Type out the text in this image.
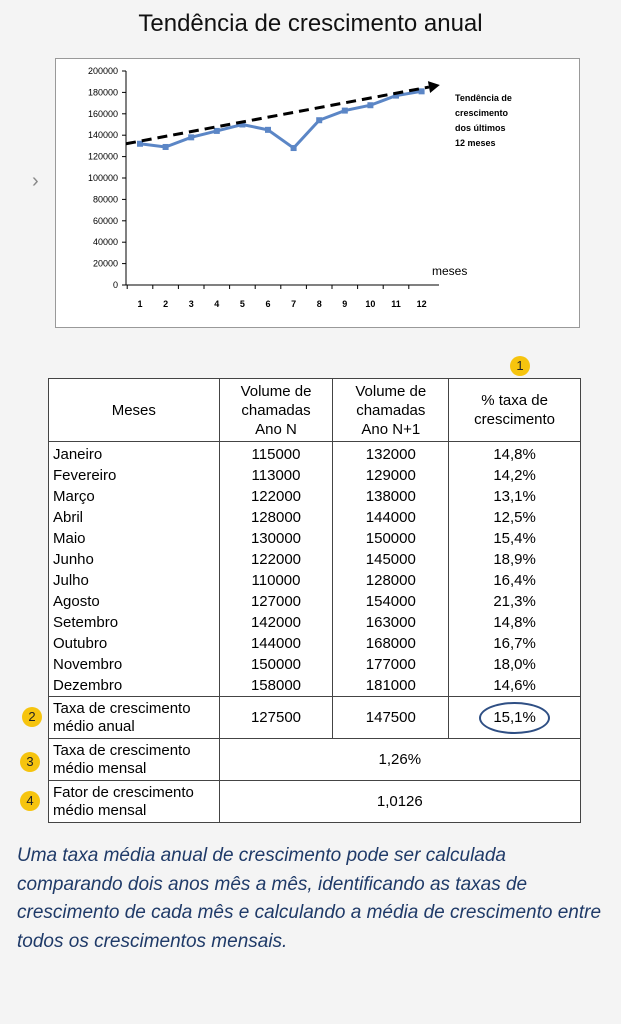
Tendência de crescimento anual
›
0
20000
40000
60000
80000
100000
120000
140000
160000
180000
200000
1 2 3 4 5 6 7 8 9 10 11 12
Tendência de
crescimento
dos últimos
12 meses
meses
1
2
3
4
Meses	Volume de
chamadas
Ano N	Volume de
chamadas
Ano N+1	% taxa de
crescimento
Janeiro	115000	132000	14,8%
Fevereiro	113000	129000	14,2%
Março	122000	138000	13,1%
Abril	128000	144000	12,5%
Maio	130000	150000	15,4%
Junho	122000	145000	18,9%
Julho	110000	128000	16,4%
Agosto	127000	154000	21,3%
Setembro	142000	163000	14,8%
Outubro	144000	168000	16,7%
Novembro	150000	177000	18,0%
Dezembro	158000	181000	14,6%
Taxa de crescimento
médio anual	127500	147500	15,1%
Taxa de crescimento
médio mensal	1,26%		
Fator de crescimento
médio mensal	1,0126		
Uma taxa média anual de crescimento pode ser calculada comparando dois anos mês a mês, identificando as taxas de crescimento de cada mês e calculando a média de crescimento entre todos os crescimentos mensais.
